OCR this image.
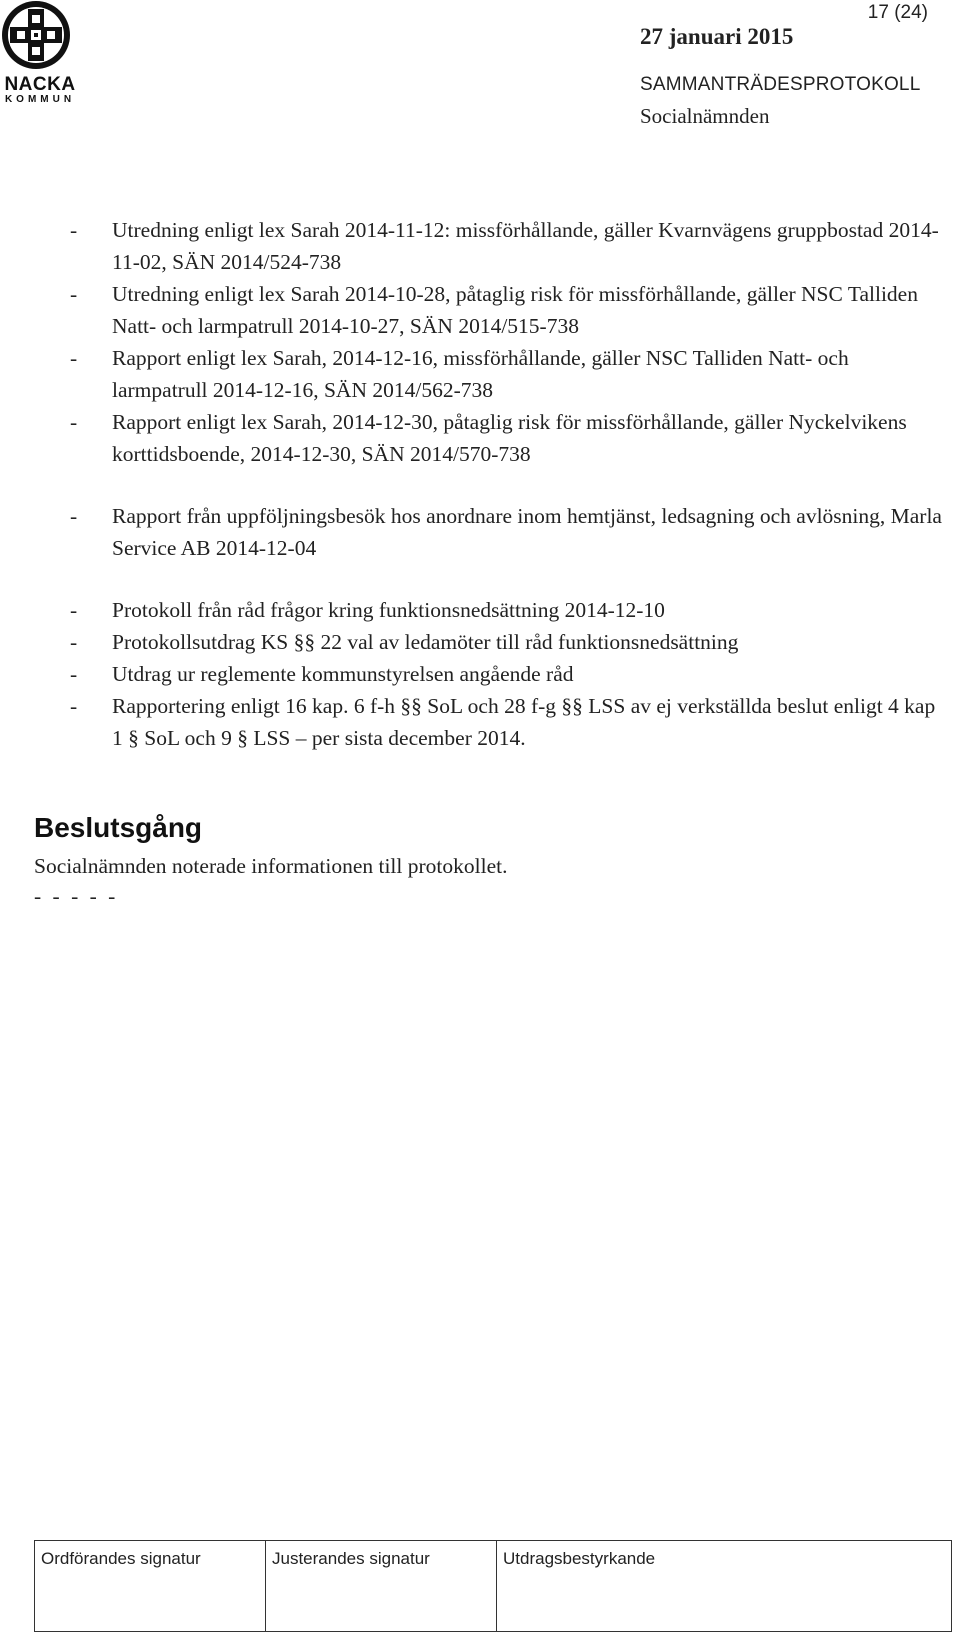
NACKA
KOMMUN
17 (24)
27 januari 2015
SAMMANTRÄDESPROTOKOLL
Socialnämnden
- Utredning enligt lex Sarah 2014-11-12: missförhållande, gäller Kvarnvägens gruppbostad 2014-11-02, SÄN 2014/524-738
- Utredning enligt lex Sarah 2014-10-28, påtaglig risk för missförhållande, gäller NSC Talliden Natt- och larmpatrull 2014-10-27, SÄN 2014/515-738
- Rapport enligt lex Sarah, 2014-12-16, missförhållande, gäller NSC Talliden Natt- och larmpatrull 2014-12-16, SÄN 2014/562-738
- Rapport enligt lex Sarah, 2014-12-30, påtaglig risk för missförhållande, gäller Nyckelvikens korttidsboende, 2014-12-30, SÄN 2014/570-738
- Rapport från uppföljningsbesök hos anordnare inom hemtjänst, ledsagning och avlösning, Marla Service AB 2014-12-04
- Protokoll från råd frågor kring funktionsnedsättning 2014-12-10
- Protokollsutdrag KS §§ 22 val av ledamöter till råd funktionsnedsättning
- Utdrag ur reglemente kommunstyrelsen angående råd
- Rapportering enligt 16 kap. 6 f-h §§ SoL och 28 f-g §§ LSS av ej verkställda beslut enligt 4 kap 1 § SoL och 9 § LSS – per sista december 2014.
Beslutsgång
Socialnämnden noterade informationen till protokollet.
- - - - -
Ordförandes signatur	Justerandes signatur	Utdragsbestyrkande
